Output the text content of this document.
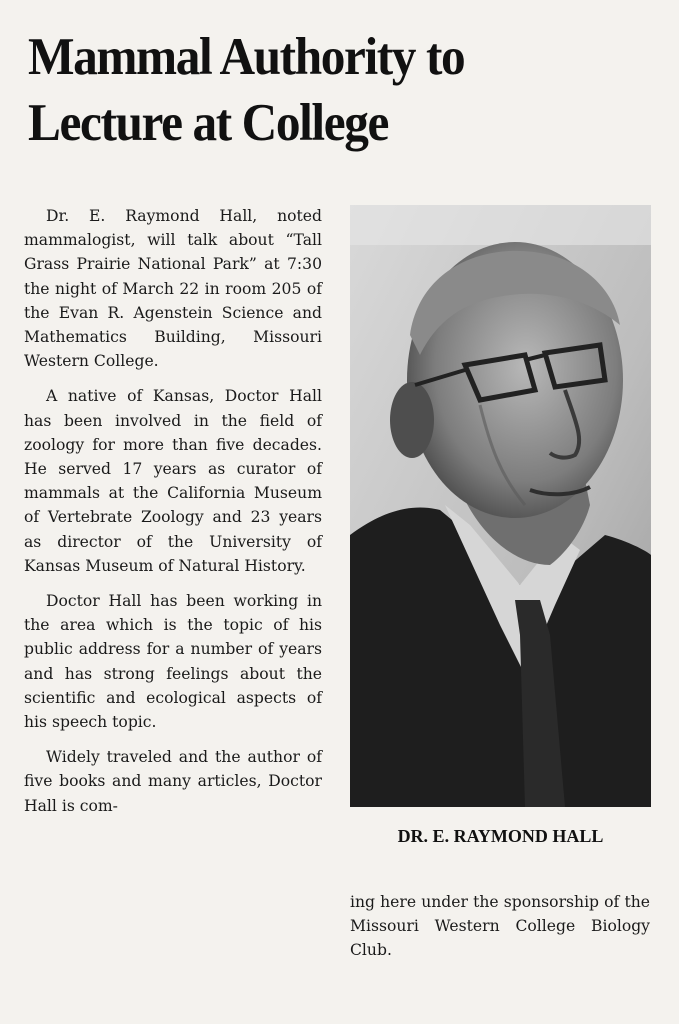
Mammal Authority to Lecture at College

Dr. E. Raymond Hall, noted mammalogist, will talk about “Tall Grass Prairie National Park” at 7:30 the night of March 22 in room 205 of the Evan R. Agenstein Science and Mathematics Building, Missouri Western College.

A native of Kansas, Doctor Hall has been involved in the field of zoology for more than five decades. He served 17 years as curator of mammals at the California Museum of Vertebrate Zoology and 23 years as director of the University of Kansas Museum of Natural History.

Doctor Hall has been working in the area which is the topic of his public address for a number of years and has strong feelings about the scientific and ecological aspects of his speech topic.

Widely traveled and the author of five books and many articles, Doctor Hall is com-

DR. E. RAYMOND HALL

ing here under the sponsorship of the Missouri Western College Biology Club.
